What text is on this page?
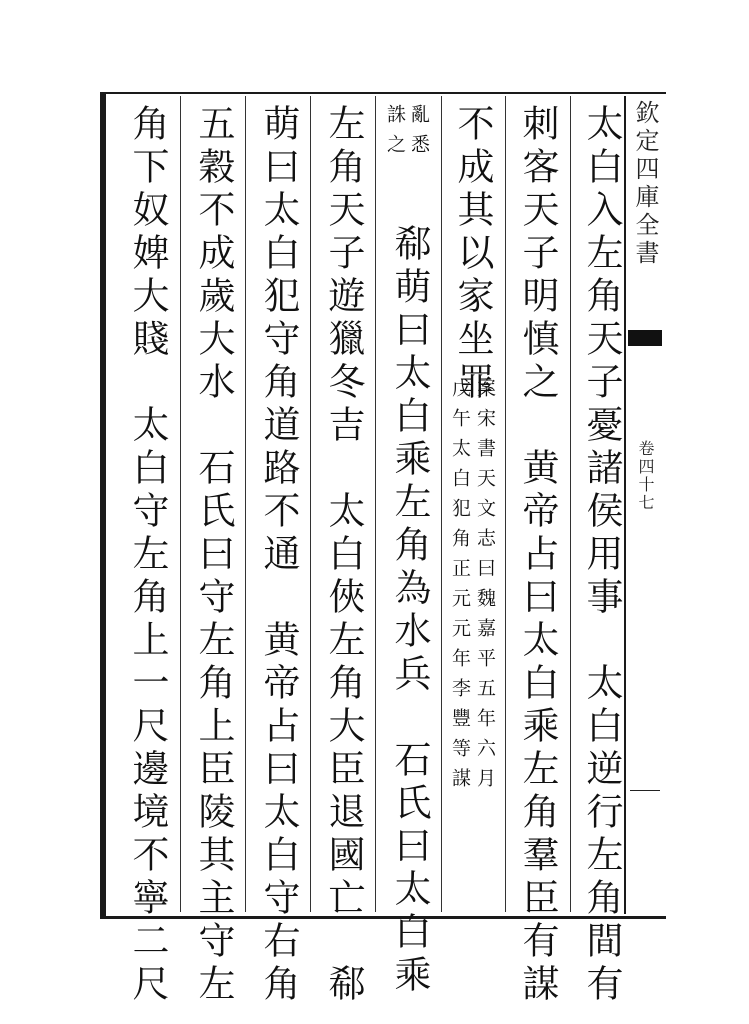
欽定四庫全書
卷四十七
太白入左角天子憂諸侯用事　太白逆行左角間有
刺客天子明慎之　黄帝占曰太白乘左角羣臣有謀
不成其以家坐罪
案宋書天文志曰魏嘉平五年六月
戊午太白犯角正元元年李豐等謀
亂悉
誅之
郗萌曰太白乘左角為水兵　石氏曰太白乘
左角天子遊獵冬吉　太白俠左角大臣退國亡　郗
萌曰太白犯守角道路不通　黄帝占曰太白守右角
五穀不成歲大水　石氏曰守左角上臣陵其主守左
角下奴婢大賤　太白守左角上一尺邊境不寧二尺
